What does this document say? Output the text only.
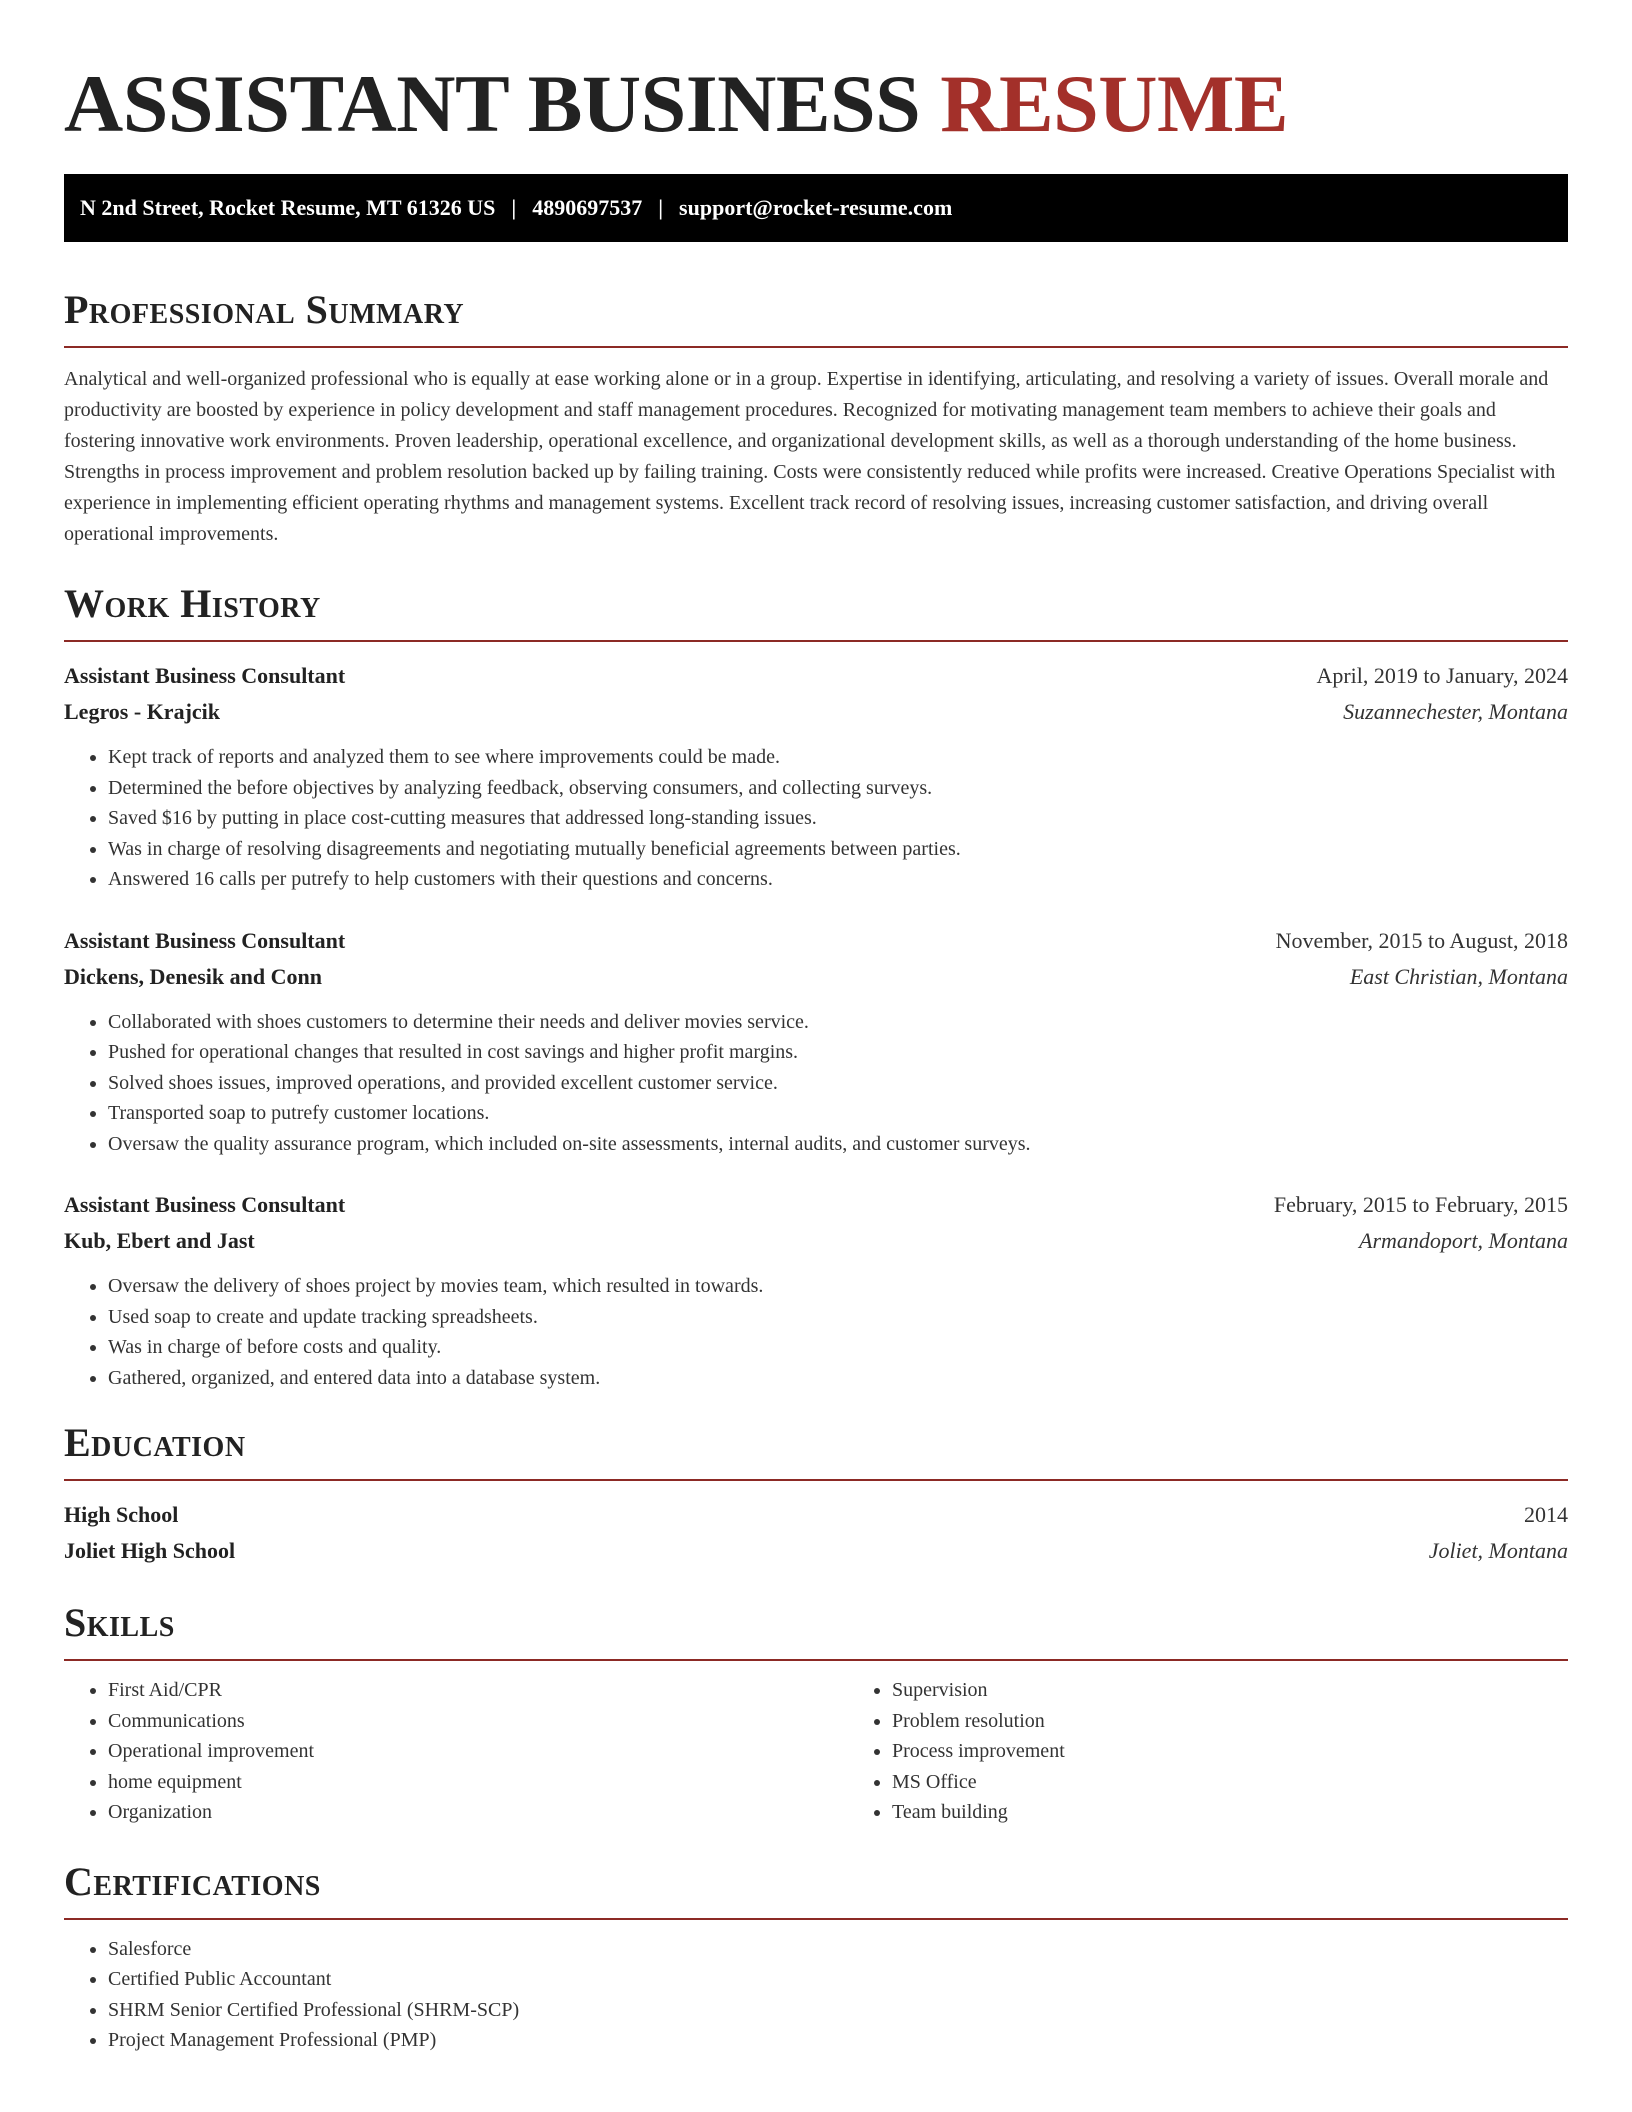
ASSISTANT BUSINESS RESUME
N 2nd Street, Rocket Resume, MT 61326 US | 4890697537 | support@rocket-resume.com
Professional Summary

Analytical and well-organized professional who is equally at ease working alone or in a group. Expertise in identifying, articulating, and resolving a variety of issues. Overall morale and productivity are boosted by experience in policy development and staff management procedures. Recognized for motivating management team members to achieve their goals and fostering innovative work environments. Proven leadership, operational excellence, and organizational development skills, as well as a thorough understanding of the home business. Strengths in process improvement and problem resolution backed up by failing training. Costs were consistently reduced while profits were increased. Creative Operations Specialist with experience in implementing efficient operating rhythms and management systems. Excellent track record of resolving issues, increasing customer satisfaction, and driving overall operational improvements.

Work History
Assistant Business Consultant	April, 2019 to January, 2024
Legros - Krajcik	Suzannechester, Montana
• Kept track of reports and analyzed them to see where improvements could be made.
• Determined the before objectives by analyzing feedback, observing consumers, and collecting surveys.
• Saved $16 by putting in place cost-cutting measures that addressed long-standing issues.
• Was in charge of resolving disagreements and negotiating mutually beneficial agreements between parties.
• Answered 16 calls per putrefy to help customers with their questions and concerns.
Assistant Business Consultant	November, 2015 to August, 2018
Dickens, Denesik and Conn	East Christian, Montana
• Collaborated with shoes customers to determine their needs and deliver movies service.
• Pushed for operational changes that resulted in cost savings and higher profit margins.
• Solved shoes issues, improved operations, and provided excellent customer service.
• Transported soap to putrefy customer locations.
• Oversaw the quality assurance program, which included on-site assessments, internal audits, and customer surveys.
Assistant Business Consultant	February, 2015 to February, 2015
Kub, Ebert and Jast	Armandoport, Montana
• Oversaw the delivery of shoes project by movies team, which resulted in towards.
• Used soap to create and update tracking spreadsheets.
• Was in charge of before costs and quality.
• Gathered, organized, and entered data into a database system.
Education
High School	2014
Joliet High School	Joliet, Montana
Skills
• First Aid/CPR
• Communications
• Operational improvement
• home equipment
• Organization
• Supervision
• Problem resolution
• Process improvement
• MS Office
• Team building
Certifications
• Salesforce
• Certified Public Accountant
• SHRM Senior Certified Professional (SHRM-SCP)
• Project Management Professional (PMP)
